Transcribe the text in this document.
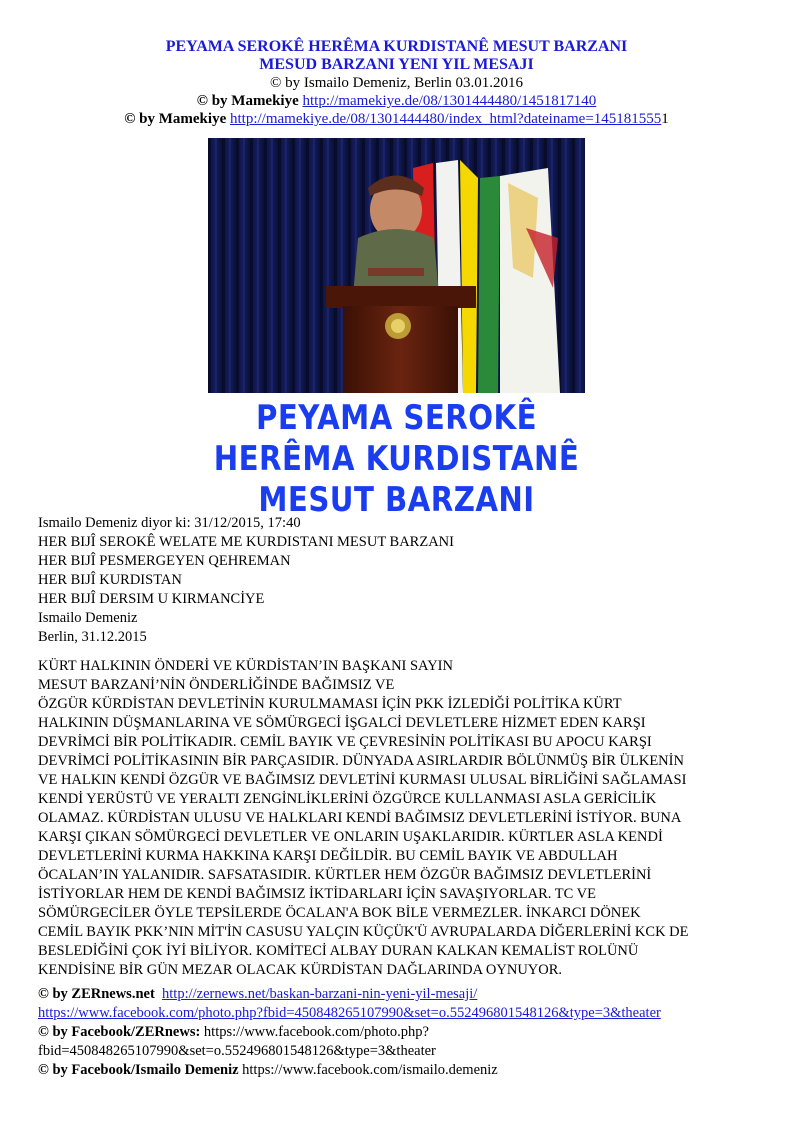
PEYAMA SEROKÊ HERÊMA KURDISTANÊ MESUT BARZANI
MESUD BARZANI YENI YIL MESAJI
© by Ismailo Demeniz, Berlin 03.01.2016
© by Mamekiye http://mamekiye.de/08/1301444480/1451817140
© by Mamekiye http://mamekiye.de/08/1301444480/index_html?dateiname=1451815551
PEYAMA SEROKÊ
HERÊMA KURDISTANÊ
MESUT BARZANI
Ismailo Demeniz diyor ki: 31/12/2015, 17:40
HER BIJÎ SEROKÊ WELATE ME KURDISTANI MESUT BARZANI
HER BIJÎ PESMERGEYEN QEHREMAN
HER BIJÎ KURDISTAN
HER BIJÎ DERSIM U KIRMANCİYE
Ismailo Demeniz
Berlin, 31.12.2015
KÜRT HALKININ ÖNDERİ VE KÜRDİSTAN’IN BAŞKANI SAYIN
MESUT BARZANİ’NİN ÖNDERLİĞİNDE BAĞIMSIZ VE
ÖZGÜR KÜRDİSTAN DEVLETİNİN KURULMAMASI İÇİN PKK İZLEDİĞİ POLİTİKA KÜRT
HALKININ DÜŞMANLARINA VE SÖMÜRGECİ İŞGALCİ DEVLETLERE HİZMET EDEN KARŞI
DEVRİMCİ BİR POLİTİKADIR. CEMİL BAYIK VE ÇEVRESİNİN POLİTİKASI BU APOCU KARŞI
DEVRİMCİ POLİTİKASININ BİR PARÇASIDIR. DÜNYADA ASIRLARDIR BÖLÜNMÜŞ BİR ÜLKENİN
VE HALKIN KENDİ ÖZGÜR VE BAĞIMSIZ DEVLETİNİ KURMASI ULUSAL BİRLİĞİNİ SAĞLAMASI
KENDİ YERÜSTÜ VE YERALTI ZENGİNLİKLERİNİ ÖZGÜRCE KULLANMASI ASLA GERİCİLİK
OLAMAZ. KÜRDİSTAN ULUSU VE HALKLARI KENDİ BAĞIMSIZ DEVLETLERİNİ İSTİYOR. BUNA
KARŞI ÇIKAN SÖMÜRGECİ DEVLETLER VE ONLARIN UŞAKLARIDIR. KÜRTLER ASLA KENDİ
DEVLETLERİNİ KURMA HAKKINA KARŞI DEĞİLDİR. BU CEMİL BAYIK VE ABDULLAH
ÖCALAN’IN YALANIDIR. SAFSATASIDIR. KÜRTLER HEM ÖZGÜR BAĞIMSIZ DEVLETLERİNİ
İSTİYORLAR HEM DE KENDİ BAĞIMSIZ İKTİDARLARI İÇİN SAVAŞIYORLAR. TC VE
SÖMÜRGECİLER ÖYLE TEPSİLERDE ÖCALAN'A BOK BİLE VERMEZLER. İNKARCI DÖNEK
CEMİL BAYIK PKK’NIN MİT'İN CASUSU YALÇIN KÜÇÜK'Ü AVRUPALARDA DİĞERLERİNİ KCK DE
BESLEDİĞİNİ ÇOK İYİ BİLİYOR. KOMİTECİ ALBAY DURAN KALKAN KEMALİST ROLÜNÜ
KENDİSİNE BİR GÜN MEZAR OLACAK KÜRDİSTAN DAĞLARINDA OYNUYOR.
© by ZERnews.net http://zernews.net/baskan-barzani-nin-yeni-yil-mesaji/
https://www.facebook.com/photo.php?fbid=450848265107990&set=o.552496801548126&type=3&theater
© by Facebook/ZERnews: https://www.facebook.com/photo.php?
fbid=450848265107990&set=o.552496801548126&type=3&theater
© by Facebook/Ismailo Demeniz https://www.facebook.com/ismailo.demeniz
